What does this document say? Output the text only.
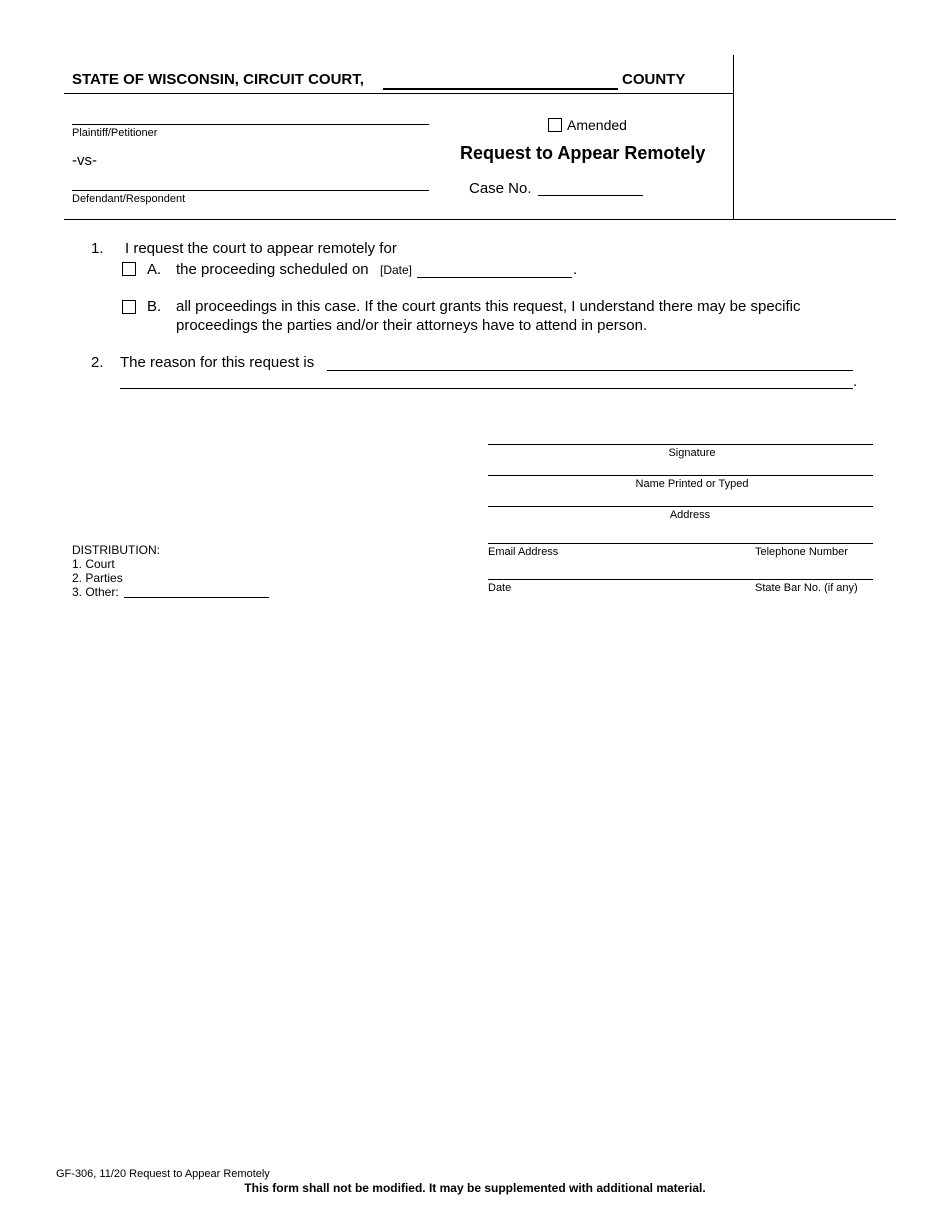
STATE OF WISCONSIN, CIRCUIT COURT,	COUNTY
Plaintiff/Petitioner
-vs-
Defendant/Respondent
Amended
Request to Appear Remotely
Case No.
1. I request the court to appear remotely for
A. the proceeding scheduled on [Date]	.
B. all proceedings in this case. If the court grants this request, I understand there may be specific
proceedings the parties and/or their attorneys have to attend in person.
2. The reason for this request is
.
Signature
Name Printed or Typed
Address
Email Address	Telephone Number
Date	State Bar No. (if any)
DISTRIBUTION:
1. Court
2. Parties
3. Other:
GF-306, 11/20 Request to Appear Remotely
This form shall not be modified. It may be supplemented with additional material.
